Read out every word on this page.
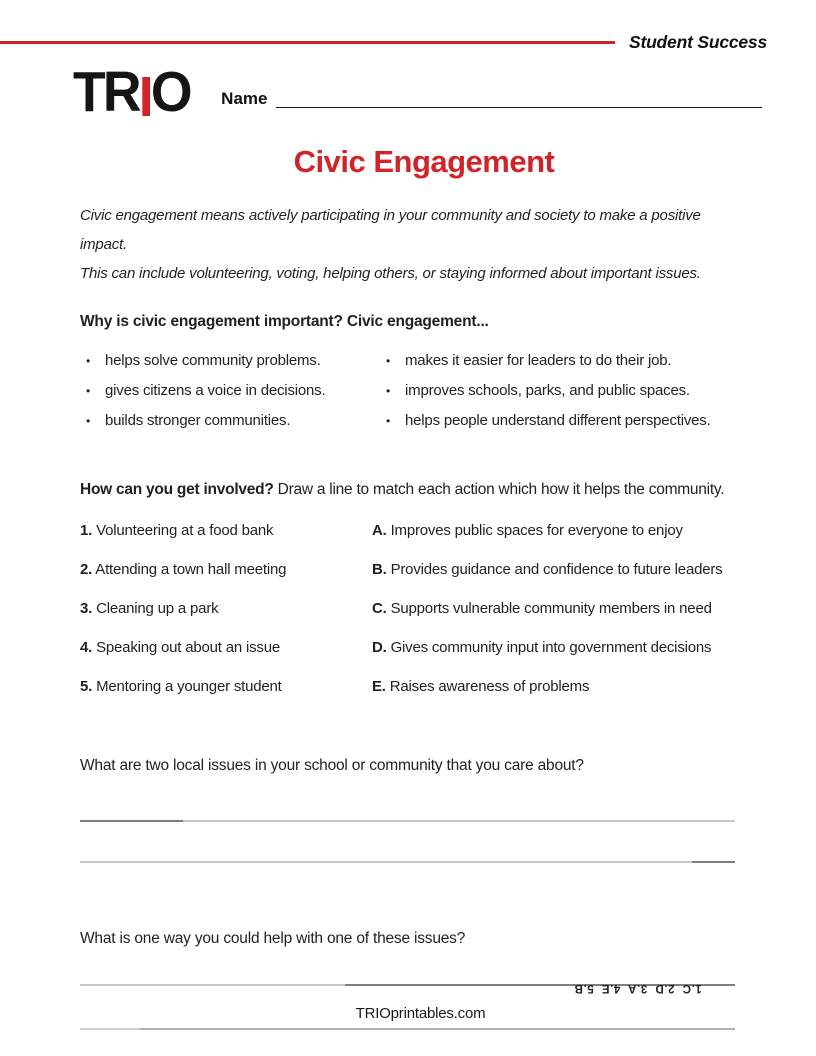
Student Success
TRIO Name
Civic Engagement

Civic engagement means actively participating in your community and society to make a positive impact.
This can include volunteering, voting, helping others, or staying informed about important issues.

Why is civic engagement important? Civic engagement...
•
helps solve community problems. •	makes it easier for leaders to do their job.
•
gives citizens a voice in decisions. •	improves schools, parks, and public spaces.
•
builds stronger communities. •	helps people understand different perspectives.
How can you get involved? Draw a line to match each action which how it helps the community.
1. Volunteering at a food bank	A. Improves public spaces for everyone to enjoy
2. Attending a town hall meeting	B. Provides guidance and confidence to future leaders
3. Cleaning up a park	C. Supports vulnerable community members in need
4. Speaking out about an issue	D. Gives community input into government decisions
5. Mentoring a younger student	E. Raises awareness of problems
What are two local issues in your school or community that you care about?
What is one way you could help with one of these issues?
1.C  2.D  3.A  4.E  5.B
TRIOprintables.com
